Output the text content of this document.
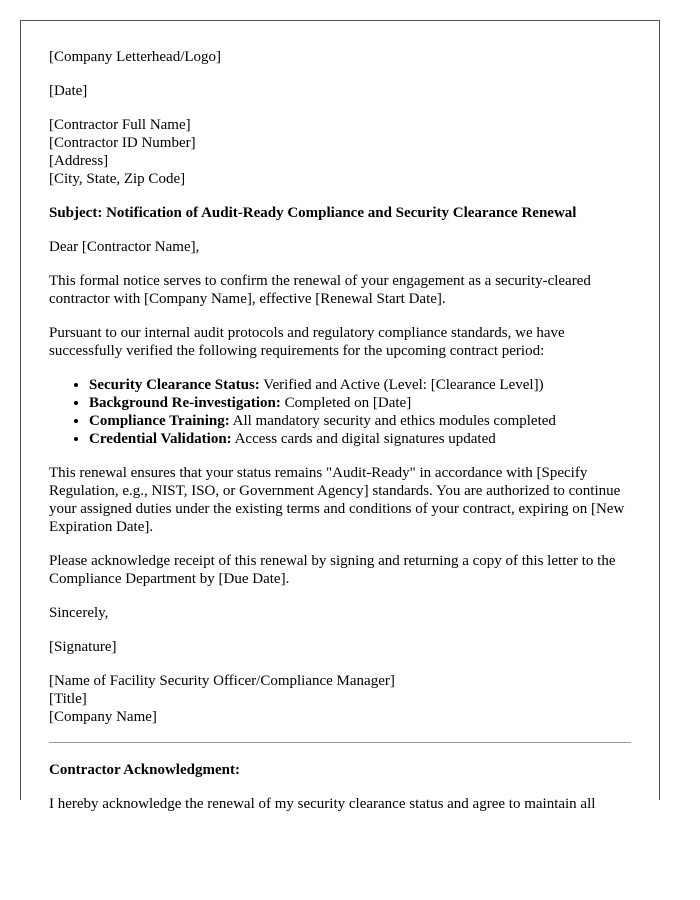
[Company Letterhead/Logo]

[Date]

[Contractor Full Name]
[Contractor ID Number]
[Address]
[City, State, Zip Code]

Subject: Notification of Audit-Ready Compliance and Security Clearance Renewal

Dear [Contractor Name],

This formal notice serves to confirm the renewal of your engagement as a security-cleared contractor with [Company Name], effective [Renewal Start Date].

Pursuant to our internal audit protocols and regulatory compliance standards, we have successfully verified the following requirements for the upcoming contract period:

• Security Clearance Status: Verified and Active (Level: [Clearance Level])
• Background Re-investigation: Completed on [Date]
• Compliance Training: All mandatory security and ethics modules completed
• Credential Validation: Access cards and digital signatures updated

This renewal ensures that your status remains "Audit-Ready" in accordance with [Specify Regulation, e.g., NIST, ISO, or Government Agency] standards. You are authorized to continue your assigned duties under the existing terms and conditions of your contract, expiring on [New Expiration Date].

Please acknowledge receipt of this renewal by signing and returning a copy of this letter to the Compliance Department by [Due Date].

Sincerely,

[Signature]

[Name of Facility Security Officer/Compliance Manager]
[Title]
[Company Name]
Contractor Acknowledgment:

I hereby acknowledge the renewal of my security clearance status and agree to maintain all
